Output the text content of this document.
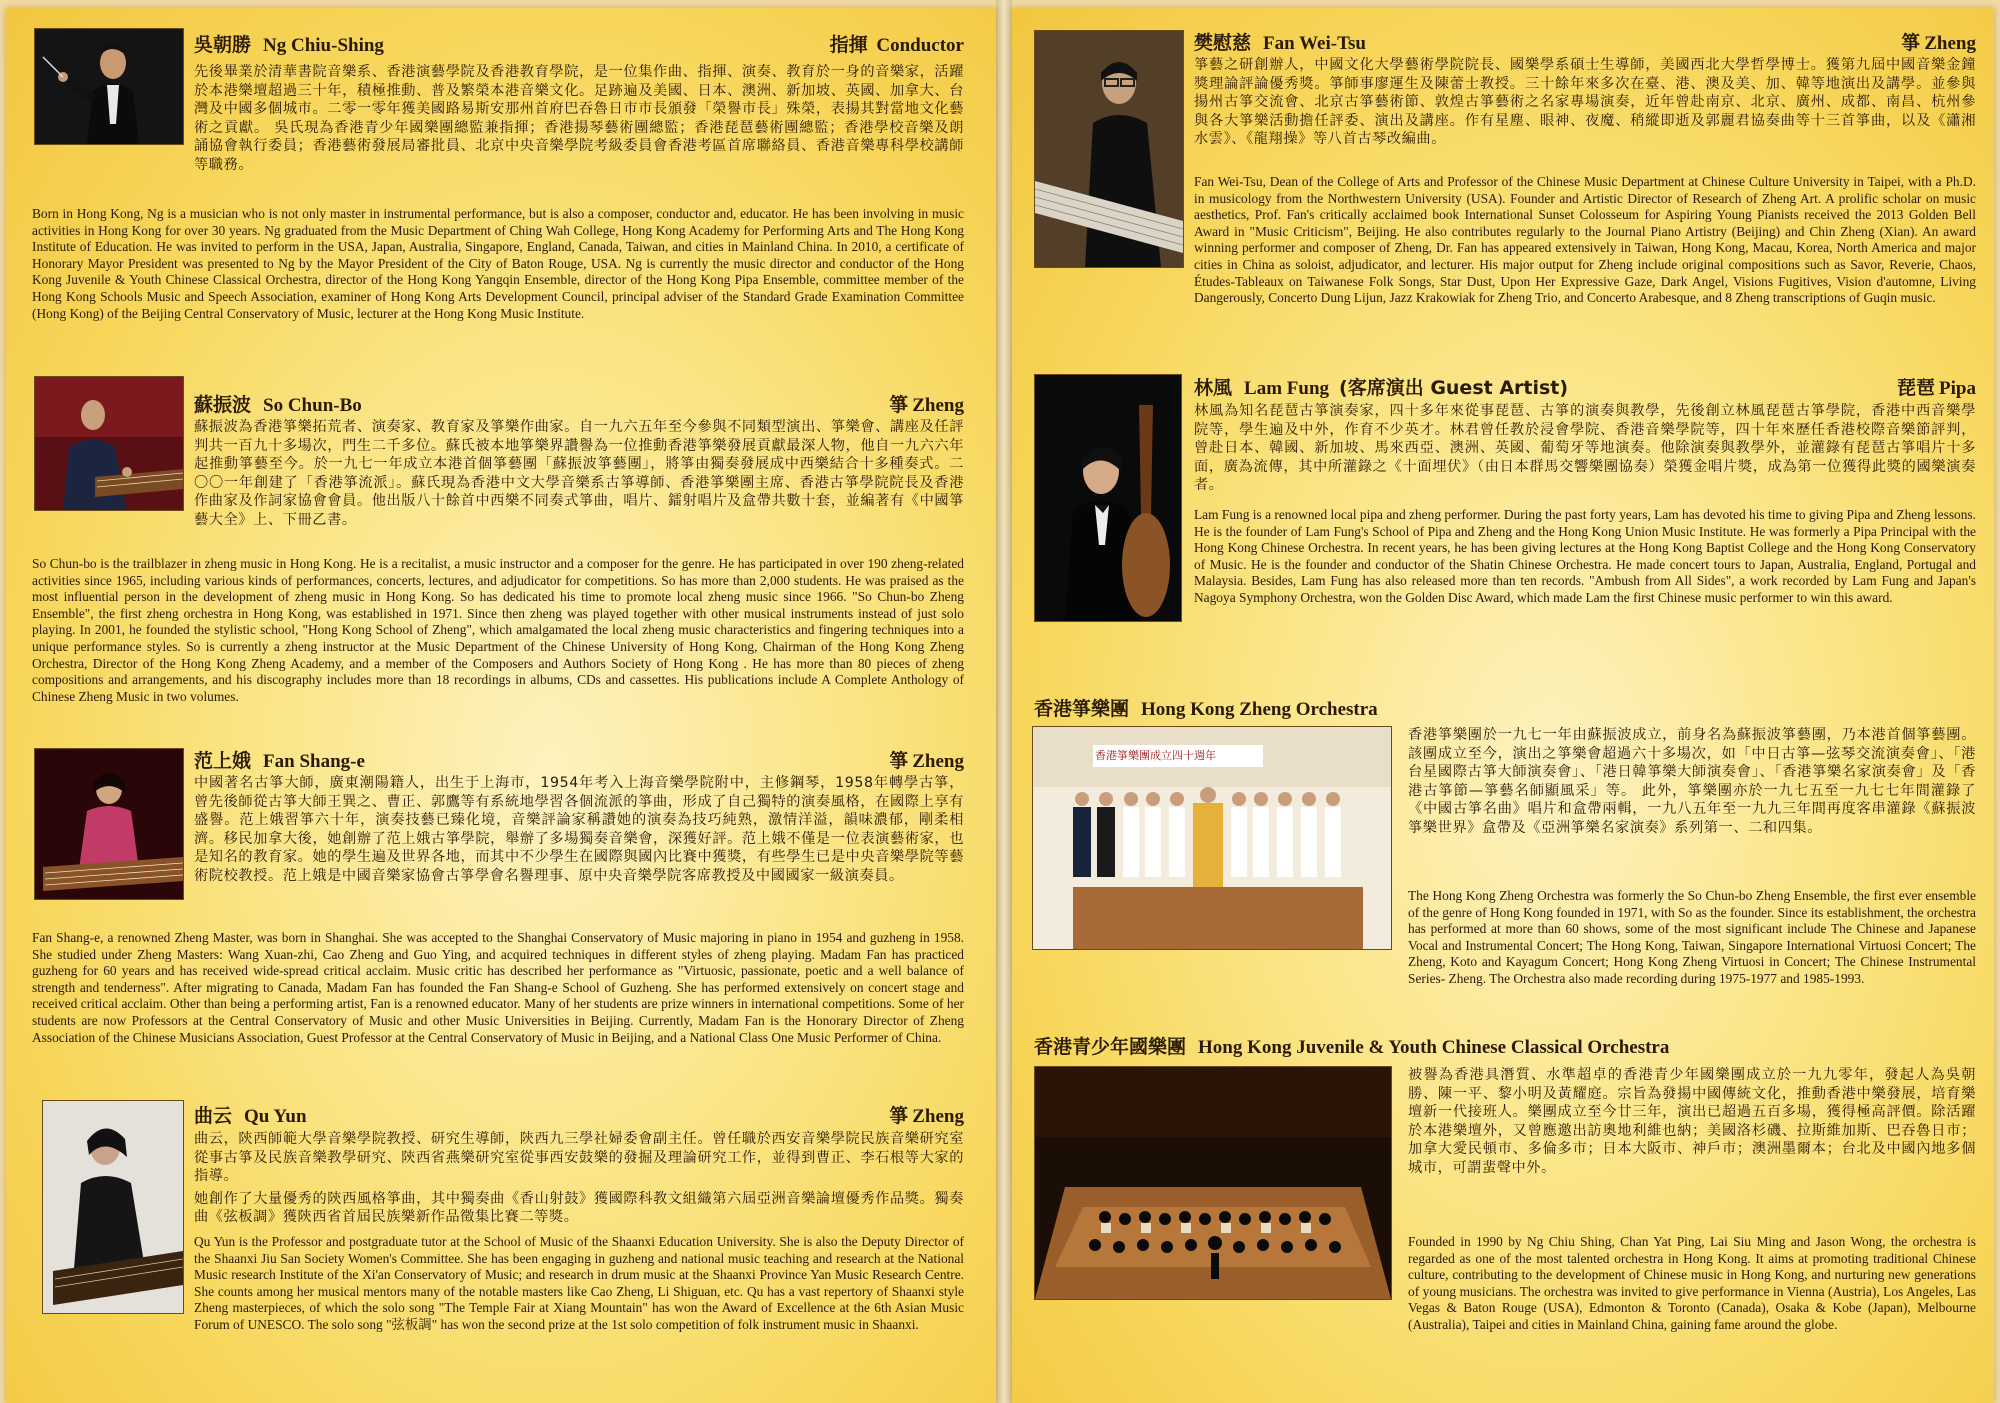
吳朝勝 Ng Chiu-Shing	指揮 Conductor

先後畢業於清華書院音樂系、香港演藝學院及香港教育學院，是一位集作曲、指揮、演奏、教育於一身的音樂家，活躍於本港樂壇超過三十年，積極推動、普及繁榮本港音樂文化。足跡遍及美國、日本、澳洲、新加坡、英國、加拿大、台灣及中國多個城市。二零一零年獲美國路易斯安那州首府巴吞魯日市市長頒發「榮譽市長」殊榮，表揚其對當地文化藝術之貢獻。 吳氏現為香港青少年國樂團總監兼指揮；香港揚琴藝術團總監；香港琵琶藝術團總監；香港學校音樂及朗誦協會執行委員；香港藝術發展局審批員、北京中央音樂學院考級委員會香港考區首席聯絡員、香港音樂專科學校講師等職務。

Born in Hong Kong, Ng is a musician who is not only master in instrumental performance, but is also a composer, conductor and, educator. He has been involving in music activities in Hong Kong for over 30 years. Ng graduated from the Music Department of Ching Wah College, Hong Kong Academy for Performing Arts and The Hong Kong Institute of Education. He was invited to perform in the USA, Japan, Australia, Singapore, England, Canada, Taiwan, and cities in Mainland China. In 2010, a certificate of Honorary Mayor President was presented to Ng by the Mayor President of the City of Baton Rouge, USA. Ng is currently the music director and conductor of the Hong Kong Juvenile & Youth Chinese Classical Orchestra, director of the Hong Kong Yangqin Ensemble, director of the Hong Kong Pipa Ensemble, committee member of the Hong Kong Schools Music and Speech Association, examiner of Hong Kong Arts Development Council, principal adviser of the Standard Grade Examination Committee (Hong Kong) of the Beijing Central Conservatory of Music, lecturer at the Hong Kong Music Institute.

蘇振波 So Chun-Bo	箏 Zheng

蘇振波為香港箏樂拓荒者、演奏家、教育家及箏樂作曲家。自一九六五年至今參與不同類型演出、箏樂會、講座及任評判共一百九十多場次，門生二千多位。蘇氏被本地箏樂界讚譽為一位推動香港箏樂發展貢獻最深人物，他自一九六六年起推動箏藝至今。於一九七一年成立本港首個箏藝團「蘇振波箏藝團」，將箏由獨奏發展成中西樂結合十多種奏式。二〇〇一年創建了「香港箏流派」。蘇氏現為香港中文大學音樂系古箏導師、香港箏樂團主席、香港古箏學院院長及香港作曲家及作詞家協會會員。他出版八十餘首中西樂不同奏式箏曲，唱片、鐳射唱片及盒帶共數十套，並編著有《中國箏藝大全》上、下冊乙書。

So Chun-bo is the trailblazer in zheng music in Hong Kong. He is a recitalist, a music instructor and a composer for the genre. He has participated in over 190 zheng-related activities since 1965, including various kinds of performances, concerts, lectures, and adjudicator for competitions. So has more than 2,000 students. He was praised as the most influential person in the development of zheng music in Hong Kong. So has dedicated his time to promote local zheng music since 1966. "So Chun-bo Zheng Ensemble", the first zheng orchestra in Hong Kong, was established in 1971. Since then zheng was played together with other musical instruments instead of just solo playing. In 2001, he founded the stylistic school, "Hong Kong School of Zheng", which amalgamated the local zheng music characteristics and fingering techniques into a unique performance styles. So is currently a zheng instructor at the Music Department of the Chinese University of Hong Kong, Chairman of the Hong Kong Zheng Orchestra, Director of the Hong Kong Zheng Academy, and a member of the Composers and Authors Society of Hong Kong . He has more than 80 pieces of zheng compositions and arrangements, and his discography includes more than 18 recordings in albums, CDs and cassettes. His publications include A Complete Anthology of Chinese Zheng Music in two volumes.

范上娥 Fan Shang-e	箏 Zheng

中國著名古箏大師，廣東潮陽籍人，出生于上海市，1954年考入上海音樂學院附中，主修鋼琴，1958年轉學古箏，曾先後師從古箏大師王巽之、曹正、郭鷹等有系統地學習各個流派的箏曲，形成了自己獨特的演奏風格，在國際上享有盛譽。范上娥習箏六十年，演奏技藝已臻化境，音樂評論家稱讚她的演奏為技巧純熟，激情洋溢，韻味濃郁，剛柔相濟。移民加拿大後，她創辦了范上娥古箏學院，舉辦了多場獨奏音樂會，深獲好評。范上娥不僅是一位表演藝術家，也是知名的教育家。她的學生遍及世界各地，而其中不少學生在國際與國內比賽中獲獎，有些學生已是中央音樂學院等藝術院校教授。范上娥是中國音樂家協會古箏學會名譽理事、原中央音樂學院客席教授及中國國家一級演奏員。

Fan Shang-e, a renowned Zheng Master, was born in Shanghai. She was accepted to the Shanghai Conservatory of Music majoring in piano in 1954 and guzheng in 1958. She studied under Zheng Masters: Wang Xuan-zhi, Cao Zheng and Guo Ying, and acquired techniques in different styles of zheng playing. Madam Fan has practiced guzheng for 60 years and has received wide-spread critical acclaim. Music critic has described her performance as "Virtuosic, passionate, poetic and a well balance of strength and tenderness". After migrating to Canada, Madam Fan has founded the Fan Shang-e School of Guzheng. She has performed extensively on concert stage and received critical acclaim. Other than being a performing artist, Fan is a renowned educator. Many of her students are prize winners in international competitions. Some of her students are now Professors at the Central Conservatory of Music and other Music Universities in Beijing. Currently, Madam Fan is the Honorary Director of Zheng Association of the Chinese Musicians Association, Guest Professor at the Central Conservatory of Music in Beijing, and a National Class One Music Performer of China.

曲云 Qu Yun	箏 Zheng

曲云，陝西師範大學音樂學院教授、研究生導師，陝西九三學社婦委會副主任。曾任職於西安音樂學院民族音樂研究室從事古箏及民族音樂教學研究、陝西省燕樂研究室從事西安鼓樂的發掘及理論研究工作，並得到曹正、李石根等大家的指導。

她創作了大量優秀的陝西風格箏曲，其中獨奏曲《香山射鼓》獲國際科教文組織第六屆亞洲音樂論壇優秀作品獎。獨奏曲《弦板調》獲陝西省首屆民族樂新作品徵集比賽二等獎。

Qu Yun is the Professor and postgraduate tutor at the School of Music of the Shaanxi Education University. She is also the Deputy Director of the Shaanxi Jiu San Society Women's Committee. She has been engaging in guzheng and national music teaching and research at the National Music research Institute of the Xi'an Conservatory of Music; and research in drum music at the Shaanxi Province Yan Music Research Centre. She counts among her musical mentors many of the notable masters like Cao Zheng, Li Shiguan, etc. Qu has a vast repertory of Shaanxi style Zheng masterpieces, of which the solo song "The Temple Fair at Xiang Mountain" has won the Award of Excellence at the 6th Asian Music Forum of UNESCO. The solo song "弦板調" has won the second prize at the 1st solo competition of folk instrument music in Shaanxi.

樊慰慈 Fan Wei-Tsu	箏 Zheng

箏藝之研創辦人，中國文化大學藝術學院院長、國樂學系碩士生導師，美國西北大學哲學博士。獲第九屆中國音樂金鐘獎理論評論優秀獎。箏師事廖運生及陳蕾士教授。三十餘年來多次在臺、港、澳及美、加、韓等地演出及講學。並參與揚州古箏交流會、北京古箏藝術節、敦煌古箏藝術之名家專場演奏，近年曾赴南京、北京、廣州、成都、南昌、杭州參與各大箏樂活動擔任評委、演出及講座。作有星塵、眼神、夜魔、稍縱即逝及郭麗君協奏曲等十三首箏曲，以及《瀟湘水雲》、《龍翔操》等八首古琴改編曲。

Fan Wei-Tsu, Dean of the College of Arts and Professor of the Chinese Music Department at Chinese Culture University in Taipei, with a Ph.D. in musicology from the Northwestern University (USA). Founder and Artistic Director of Research of Zheng Art. A prolific scholar on music aesthetics, Prof. Fan's critically acclaimed book International Sunset Colosseum for Aspiring Young Pianists received the 2013 Golden Bell Award in "Music Criticism", Beijing. He also contributes regularly to the Journal Piano Artistry (Beijing) and Chin Zheng (Xian). An award winning performer and composer of Zheng, Dr. Fan has appeared extensively in Taiwan, Hong Kong, Macau, Korea, North America and major cities in China as soloist, adjudicator, and lecturer. His major output for Zheng include original compositions such as Savor, Reverie, Chaos, Études-Tableaux on Taiwanese Folk Songs, Star Dust, Upon Her Expressive Gaze, Dark Angel, Visions Fugitives, Vision d'automne, Living Dangerously, Concerto Dung Lijun, Jazz Krakowiak for Zheng Trio, and Concerto Arabesque, and 8 Zheng transcriptions of Guqin music.

林風 Lam Fung (客席演出 Guest Artist)	琵琶 Pipa

林風為知名琵琶古箏演奏家，四十多年來從事琵琶、古箏的演奏與教學，先後創立林風琵琶古箏學院，香港中西音樂學院等，學生遍及中外，作育不少英才。林君曾任教於浸會學院、香港音樂學院等，四十年來歷任香港校際音樂節評判，曾赴日本、韓國、新加坡、馬來西亞、澳洲、英國、葡萄牙等地演奏。他除演奏與教學外，並灌錄有琵琶古箏唱片十多面，廣為流傳，其中所灌錄之《十面埋伏》（由日本群馬交響樂團協奏）榮獲金唱片獎，成為第一位獲得此獎的國樂演奏者。

Lam Fung is a renowned local pipa and zheng performer. During the past forty years, Lam has devoted his time to giving Pipa and Zheng lessons. He is the founder of Lam Fung's School of Pipa and Zheng and the Hong Kong Union Music Institute. He was formerly a Pipa Principal with the Hong Kong Chinese Orchestra. In recent years, he has been giving lectures at the Hong Kong Baptist College and the Hong Kong Conservatory of Music. He is the founder and conductor of the Shatin Chinese Orchestra. He made concert tours to Japan, Australia, England, Portugal and Malaysia. Besides, Lam Fung has also released more than ten records. "Ambush from All Sides", a work recorded by Lam Fung and Japan's Nagoya Symphony Orchestra, won the Golden Disc Award, which made Lam the first Chinese music performer to win this award.

香港箏樂團 Hong Kong Zheng Orchestra
香港箏樂團成立四十週年

香港箏樂團於一九七一年由蘇振波成立，前身名為蘇振波箏藝團，乃本港首個箏藝團。該團成立至今，演出之箏樂會超過六十多場次，如「中日古箏—弦琴交流演奏會」、「港台星國際古箏大師演奏會」、「港日韓箏樂大師演奏會」、「香港箏樂名家演奏會」及「香港古箏節—箏藝名師顯風采」等。 此外，箏樂團亦於一九七五至一九七七年間灌錄了《中國古箏名曲》唱片和盒帶兩輯，一九八五年至一九九三年間再度客串灌錄《蘇振波箏樂世界》盒帶及《亞洲箏樂名家演奏》系列第一、二和四集。

The Hong Kong Zheng Orchestra was formerly the So Chun-bo Zheng Ensemble, the first ever ensemble of the genre of Hong Kong founded in 1971, with So as the founder. Since its establishment, the orchestra has performed at more than 60 shows, some of the most significant include The Chinese and Japanese Vocal and Instrumental Concert; The Hong Kong, Taiwan, Singapore International Virtuosi Concert; The Zheng, Koto and Kayagum Concert; Hong Kong Zheng Virtuosi in Concert; The Chinese Instrumental Series- Zheng. The Orchestra also made recording during 1975-1977 and 1985-1993.

香港青少年國樂團 Hong Kong Juvenile & Youth Chinese Classical Orchestra

被譽為香港具潛質、水準超卓的香港青少年國樂團成立於一九九零年，發起人為吳朝勝、陳一平、黎小明及黃耀庭。宗旨為發揚中國傳統文化，推動香港中樂發展，培育樂壇新一代接班人。樂團成立至今廿三年，演出已超過五百多場，獲得極高評價。除活躍於本港樂壇外，又曾應邀出訪奧地利維也納；美國洛杉磯、拉斯維加斯、巴吞魯日市；加拿大愛民頓市、多倫多市；日本大阪市、神戶市；澳洲墨爾本；台北及中國內地多個城市，可謂蜚聲中外。

Founded in 1990 by Ng Chiu Shing, Chan Yat Ping, Lai Siu Ming and Jason Wong, the orchestra is regarded as one of the most talented orchestra in Hong Kong. It aims at promoting traditional Chinese culture, contributing to the development of Chinese music in Hong Kong, and nurturing new generations of young musicians. The orchestra was invited to give performance in Vienna (Austria), Los Angeles, Las Vegas & Baton Rouge (USA), Edmonton & Toronto (Canada), Osaka & Kobe (Japan), Melbourne (Australia), Taipei and cities in Mainland China, gaining fame around the globe.
